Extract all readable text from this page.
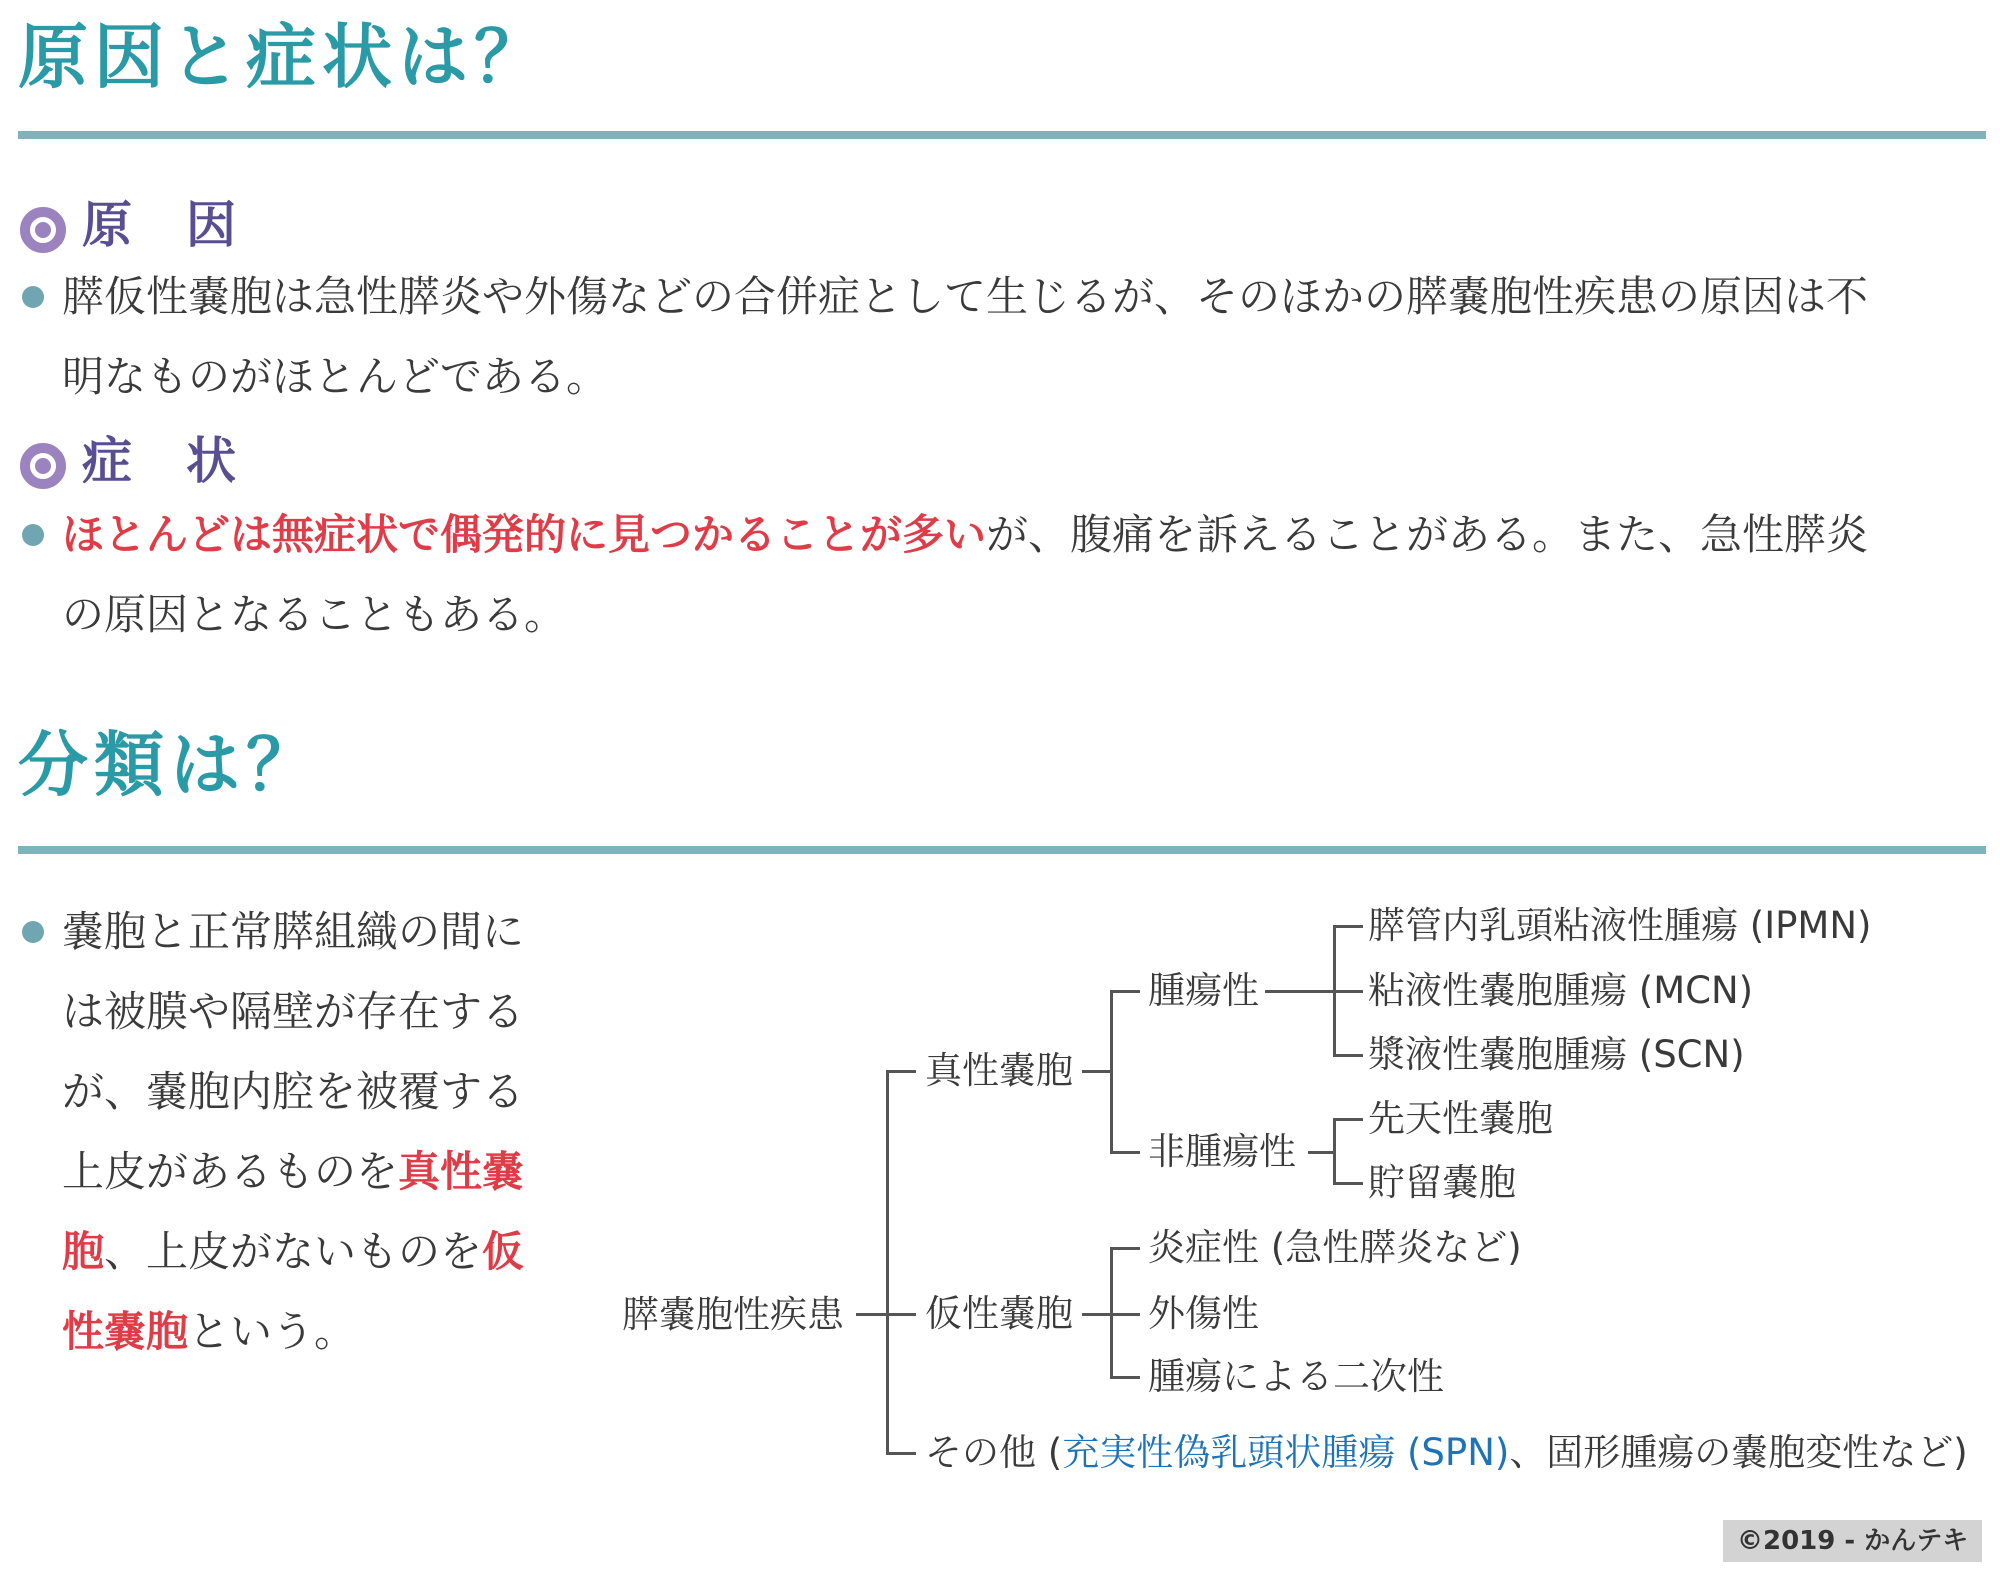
原因と症状は？
原　因
膵仮性嚢胞は急性膵炎や外傷などの合併症として生じるが、そのほかの膵嚢胞性疾患の原因は不
明なものがほとんどである。
症　状
ほとんどは無症状で偶発的に見つかることが多いが、腹痛を訴えることがある。また、急性膵炎
の原因となることもある。
分類は？
嚢胞と正常膵組織の間に
は被膜や隔壁が存在する
が、嚢胞内腔を被覆する
上皮があるものを真性嚢
胞、上皮がないものを仮
性嚢胞という。	膵嚢胞性疾患
真性嚢胞
腫瘍性
膵管内乳頭粘液性腫瘍 (IPMN)
粘液性嚢胞腫瘍 (MCN)
漿液性嚢胞腫瘍 (SCN)
非腫瘍性
先天性嚢胞
貯留嚢胞
仮性嚢胞
炎症性 (急性膵炎など)
外傷性
腫瘍による二次性
その他 (充実性偽乳頭状腫瘍 (SPN)、固形腫瘍の嚢胞変性など)
©2019 - かんテキ
